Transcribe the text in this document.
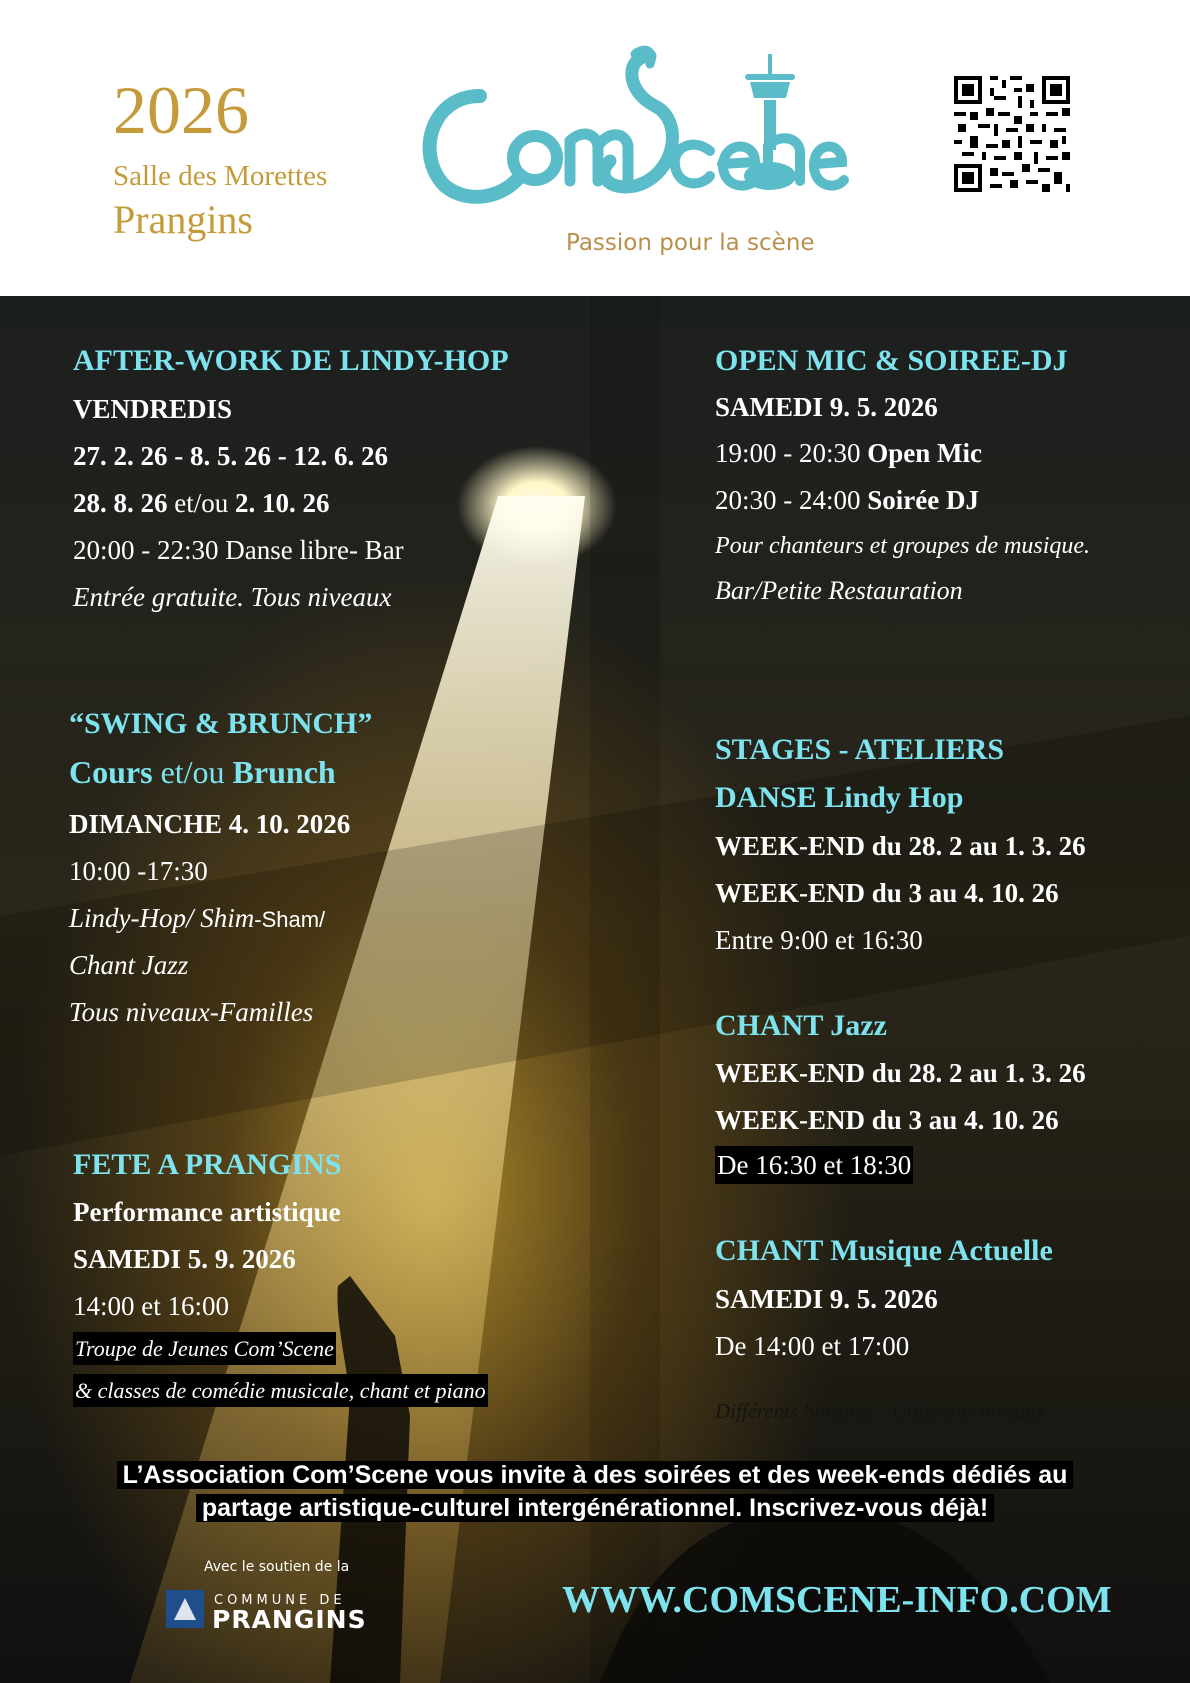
2026
Salle des Morettes
Prangins
Passion pour la scène
AFTER-WORK DE LINDY-HOP
VENDREDIS
27. 2. 26 - 8. 5. 26 - 12. 6. 26
28. 8. 26 et/ou 2. 10. 26
20:00 - 22:30 Danse libre- Bar
Entrée gratuite. Tous niveaux
OPEN MIC & SOIREE-DJ
SAMEDI 9. 5. 2026
19:00 - 20:30 Open Mic
20:30 - 24:00 Soirée DJ
Pour chanteurs et groupes de musique.
Bar/Petite Restauration
“SWING & BRUNCH”
Cours et/ou Brunch
DIMANCHE 4. 10. 2026
10:00 -17:30
Lindy-Hop/ Shim-Sham/
Chant Jazz
Tous niveaux-Familles
STAGES - ATELIERS
DANSE Lindy Hop
WEEK-END du 28. 2 au 1. 3. 26
WEEK-END du 3 au 4. 10. 26
Entre 9:00 et 16:30
CHANT Jazz
WEEK-END du 28. 2 au 1. 3. 26
WEEK-END du 3 au 4. 10. 26
De 16:30 et 18:30
CHANT Musique Actuelle
SAMEDI 9. 5. 2026
De 14:00 et 17:00
Différents horaires - Différents niveaux
FETE A PRANGINS
Performance artistique
SAMEDI 5. 9. 2026
14:00 et 16:00
Troupe de Jeunes Com’Scene
& classes de comédie musicale, chant et piano
L’Association Com’Scene vous invite à des soirées et des week-ends dédiés au
partage artistique-culturel intergénérationnel. Inscrivez-vous déjà!
Avec le soutien de la
COMMUNE DE
PRANGINS	WWW.COMSCENE-INFO.COM
